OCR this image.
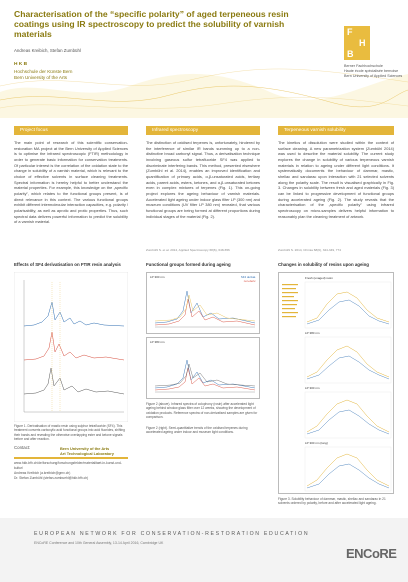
Characterisation of the “specific polarity” of aged terpeneous resin coatings using IR spectroscopy to predict the solubility of varnish materials
Andreas Kreibich, Stefan Zumbühl
H K B
Hochschule der Künste Bern
Bern University of the Arts
F
H
B
Berner Fachhochschule
Haute école spécialisée bernoise
Bern University of Applied Sciences
Project focus	Infrared spectroscopy	Terpeneous varnish solubility
The main point of research of this scientific conservation-restoration MA project at the Bern University of Applied Sciences is to optimise the infrared spectroscopic (FTIR) methodology in order to generate basic information for conservation treatments. Of particular interest is the correlation of the oxidation state to the change in solubility of a varnish material, which is relevant to the choice of effective solvents in surface cleaning treatments. Spectral information is hereby helpful to better understand the material properties. For example, this knowledge on the „specific polarity”, which relates to the functional groups present, is of direct relevance in this context. The various functional groups exhibit different intermolecular interaction capacities, e.g. polarity / polarisability, as well as aprotic and protic properties. Thus, such spectral data delivers powerful information to predict the solubility of a varnish material.
The distinction of oxidised terpenes is, unfortunately, hindered by the interference of similar IR bands summing up to a non-distinctive broad carbonyl signal. Thus, a derivatisation technique involving gaseous sulfur tetrafluoride SF4 was applied to discriminate interfering bands. This method, presented elsewhere (Zumbühl et al. 2014), enables an improved identification and quantification of primary acids, α,β-unsaturated acids, tertiary acids, parent acids, esters, ketones, and α,β-unsaturated ketones even in complex mixtures of terpenes (Fig. 1). This on-going project explores the ageing behaviour of varnish materials. Accelerated light ageing under indoor glass filter LP (300 nm) and museum conditions (UV filter LP 380 nm) revealed, that various functional groups are being formed at different proportions during individual stages of the material (Fig. 2).
Zumbühl S. et al. 2014, Applied Spectroscopy 68(6), 648-656
The kinetics of dissolution were studied within the context of surface cleaning. A new parametrization system (Zumbühl 2014) was used to describe the material solubility. The current study explores the change in solubility of various terpeneous varnish materials in relation to ageing under different light conditions. It systematically documents the behaviour of dammar, mastic, shellac and sandarac upon interaction with 21 selected solvents along the polarity scale. The result is visualised graphically in Fig. 3. Changes in solubility between fresh and aged materials (Fig. 3) can be linked to progressive development of functional groups during accelerated ageing (Fig. 2). The study reveals that the characterisation of the „specific polarity” using infrared spectroscopy on micro-samples delivers helpful information to reasonably plan the cleaning treatment of artwork.
Zumbühl S. 2014, Chimia 68(6), 344-349, 774
Effects of SF4 derivatisation on FTIR resin analysis
Figure 1. Derivatisation of mastic resin using sulphur tetrafluoride (SF4). This treatment converts carboxylic acid functional groups into acid fluorides, shifting their bands and revealing the otherwise overlapping ester and ketone signals before and after reaction.
Functional groups formed during ageing
LP 300 nm	SF4 derivat.
non-deriv.
LP 380 nm
Figure 2 (above). Infrared spectra of colophony (rosin) after accelerated light ageing behind window glass filter over 12 weeks, showing the development of oxidation products. Reference spectra of non-derivatised samples are given for comparison.
Figure 2 (right). Semi-quantitative trends of the oxidised terpenes during accelerated ageing under indoor and museum light conditions.
Changes in solubility of resins upon ageing
Fresh (unaged) resin
LP 380 nm
LP 300 nm
LP 300 nm (long)
Figure 3. Solubility behaviour of dammar, mastic, shellac and sandarac in 21 solvents ordered by polarity, before and after accelerated light ageing.
Contact:	Bern University of the Arts
Art Technological Laboratory
www.hkb-bfh.ch/de/forschung/forschungsfelder/materialitaet-in-kunst-und-kultur/
Andreas Kreibich (a.kreibich@gmx.ch)
Dr. Stefan Zumbühl (stefan.zumbuehl@hkb.bfh.ch)
EUROPEAN NETWORK FOR CONSERVATION-RESTORATION EDUCATION
ENCoRE Conference and 10th General Assembly, 13-14 April 2016, Cambridge UK
ENCoRE
